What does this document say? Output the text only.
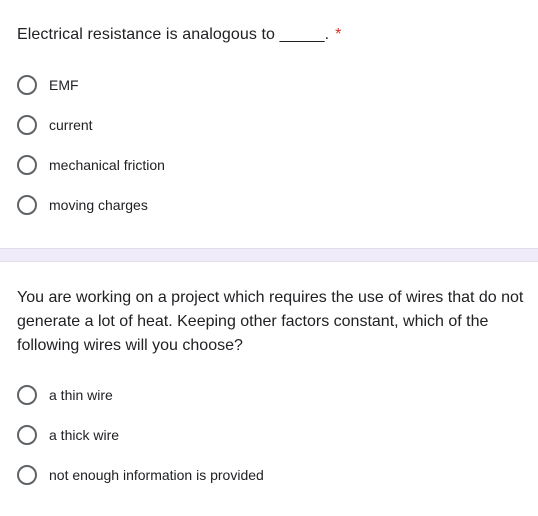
Electrical resistance is analogous to _____. *
EMF
current
mechanical friction
moving charges
You are working on a project which requires the use of wires that do not generate a lot of heat. Keeping other factors constant, which of the following wires will you choose?
a thin wire
a thick wire
not enough information is provided
